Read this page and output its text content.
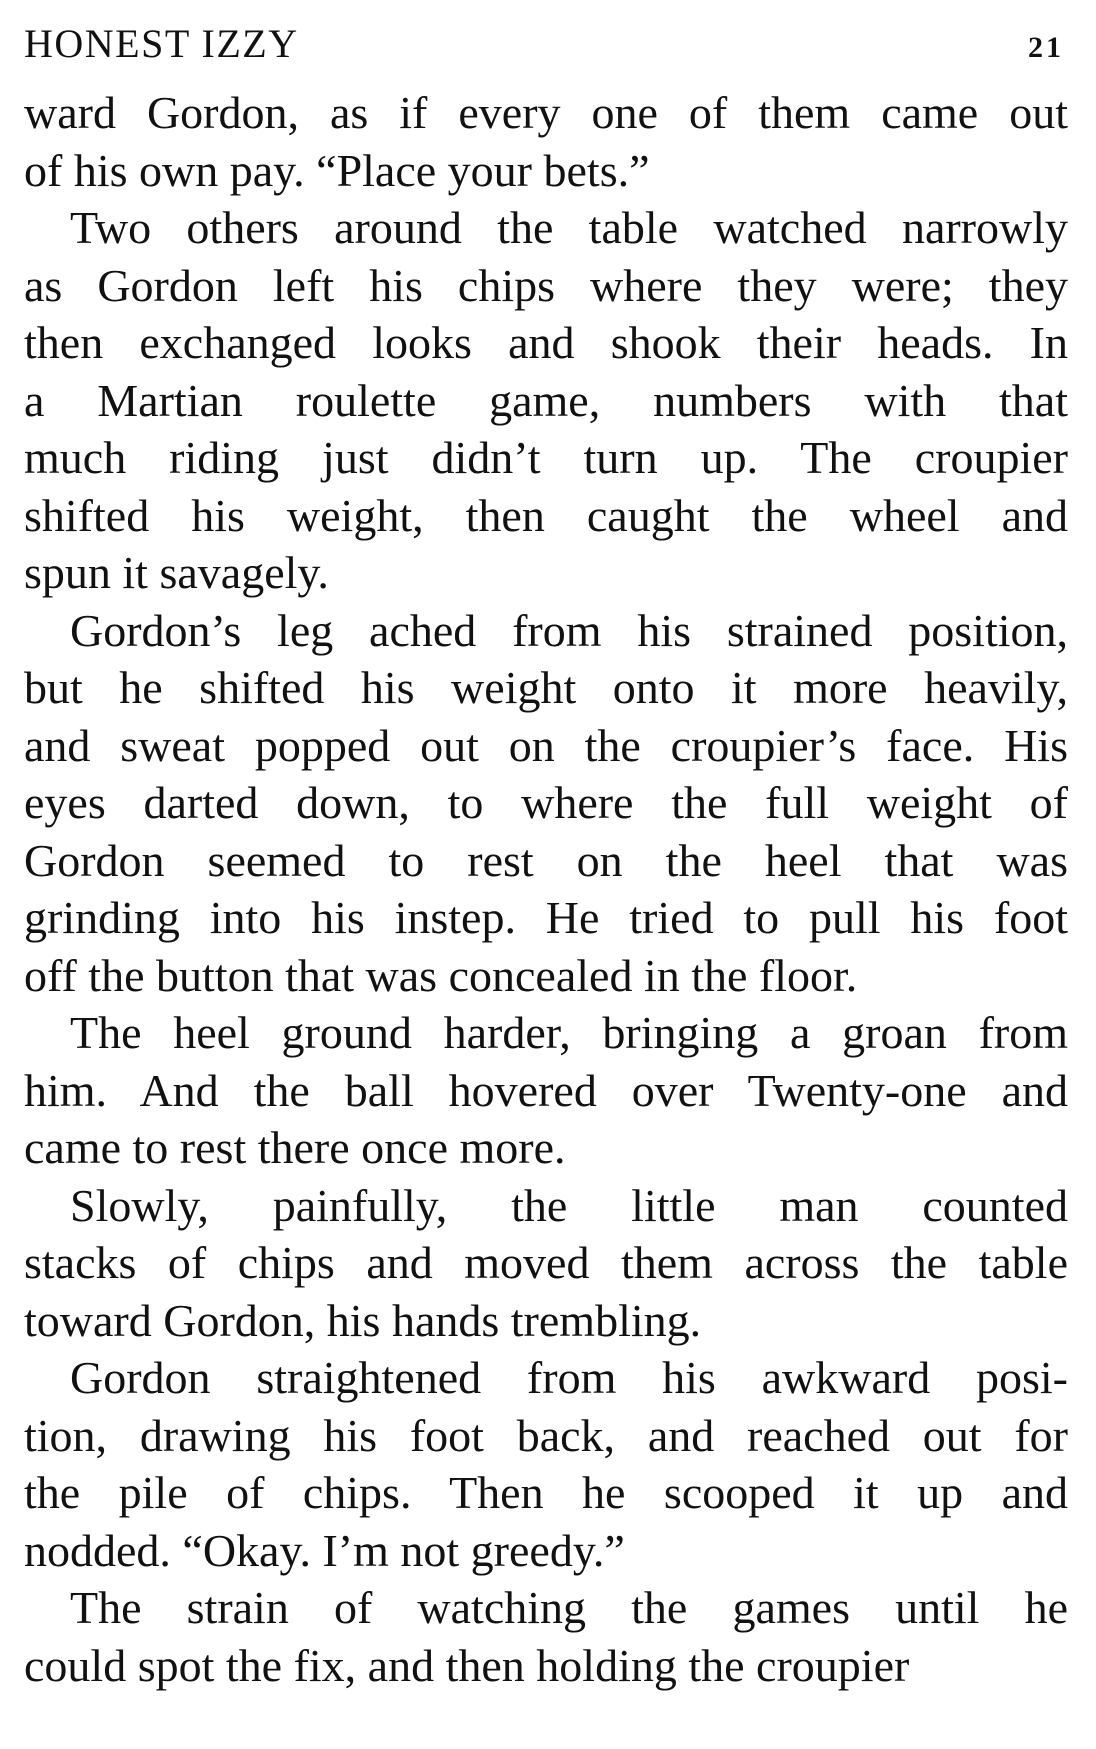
HONEST IZZY	21

ward Gordon, as if every one of them came out
of his own pay. “Place your bets.”

Two others around the table watched narrowly
as Gordon left his chips where they were; they
then exchanged looks and shook their heads. In
a Martian roulette game, numbers with that
much riding just didn’t turn up. The croupier
shifted his weight, then caught the wheel and
spun it savagely.

Gordon’s leg ached from his strained position,
but he shifted his weight onto it more heavily,
and sweat popped out on the croupier’s face. His
eyes darted down, to where the full weight of
Gordon seemed to rest on the heel that was
grinding into his instep. He tried to pull his foot
off the button that was concealed in the floor.

The heel ground harder, bringing a groan from
him. And the ball hovered over Twenty-one and
came to rest there once more.

Slowly, painfully, the little man counted
stacks of chips and moved them across the table
toward Gordon, his hands trembling.

Gordon straightened from his awkward posi-
tion, drawing his foot back, and reached out for
the pile of chips. Then he scooped it up and
nodded. “Okay. I’m not greedy.”

The strain of watching the games until he
could spot the fix, and then holding the croupier
